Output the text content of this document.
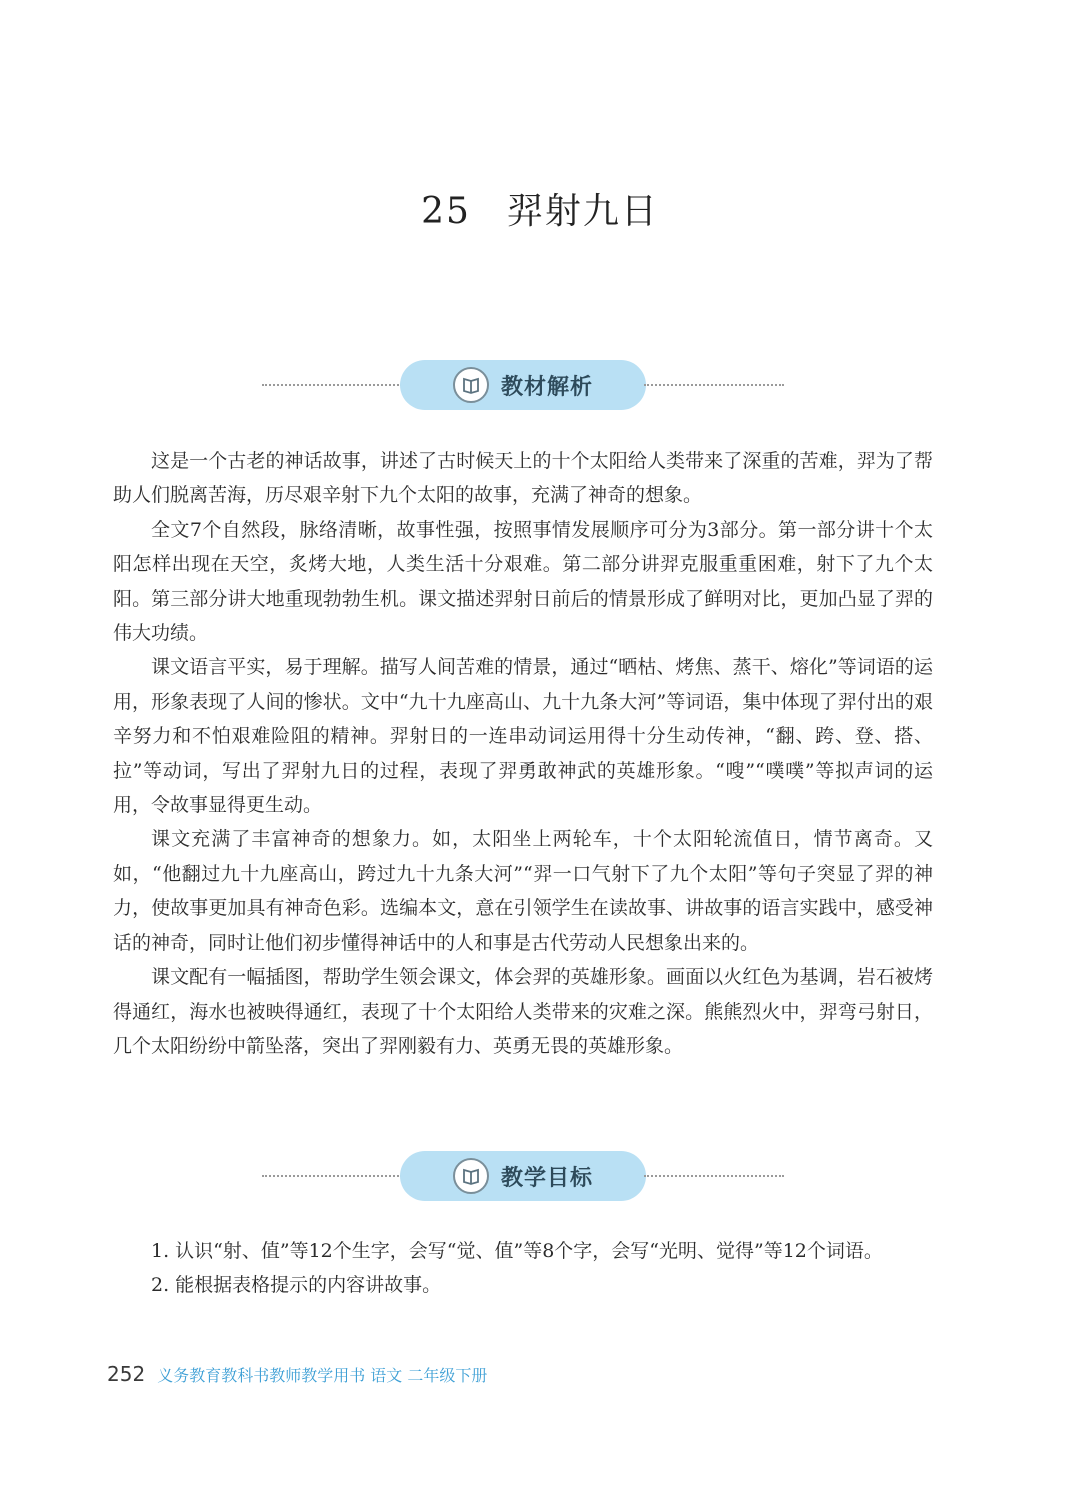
25 羿射九日
教材解析

这是一个古老的神话故事，讲述了古时候天上的十个太阳给人类带来了深重的苦难，羿为了帮助人们脱离苦海，历尽艰辛射下九个太阳的故事，充满了神奇的想象。

全文7个自然段，脉络清晰，故事性强，按照事情发展顺序可分为3部分。第一部分讲十个太阳怎样出现在天空，炙烤大地，人类生活十分艰难。第二部分讲羿克服重重困难，射下了九个太阳。第三部分讲大地重现勃勃生机。课文描述羿射日前后的情景形成了鲜明对比，更加凸显了羿的伟大功绩。

课文语言平实，易于理解。描写人间苦难的情景，通过“晒枯、烤焦、蒸干、熔化”等词语的运用，形象表现了人间的惨状。文中“九十九座高山、九十九条大河”等词语，集中体现了羿付出的艰辛努力和不怕艰难险阻的精神。羿射日的一连串动词运用得十分生动传神，“翻、跨、登、搭、拉”等动词，写出了羿射九日的过程，表现了羿勇敢神武的英雄形象。“嗖”“噗噗”等拟声词的运用，令故事显得更生动。

课文充满了丰富神奇的想象力。如，太阳坐上两轮车，十个太阳轮流值日，情节离奇。又如，“他翻过九十九座高山，跨过九十九条大河”“羿一口气射下了九个太阳”等句子突显了羿的神力，使故事更加具有神奇色彩。选编本文，意在引领学生在读故事、讲故事的语言实践中，感受神话的神奇，同时让他们初步懂得神话中的人和事是古代劳动人民想象出来的。

课文配有一幅插图，帮助学生领会课文，体会羿的英雄形象。画面以火红色为基调，岩石被烤得通红，海水也被映得通红，表现了十个太阳给人类带来的灾难之深。熊熊烈火中，羿弯弓射日，几个太阳纷纷中箭坠落，突出了羿刚毅有力、英勇无畏的英雄形象。

教学目标

1. 认识“射、值”等12个生字，会写“觉、值”等8个字，会写“光明、觉得”等12个词语。

2. 能根据表格提示的内容讲故事。

252 义务教育教科书教师教学用书 语文 二年级下册
